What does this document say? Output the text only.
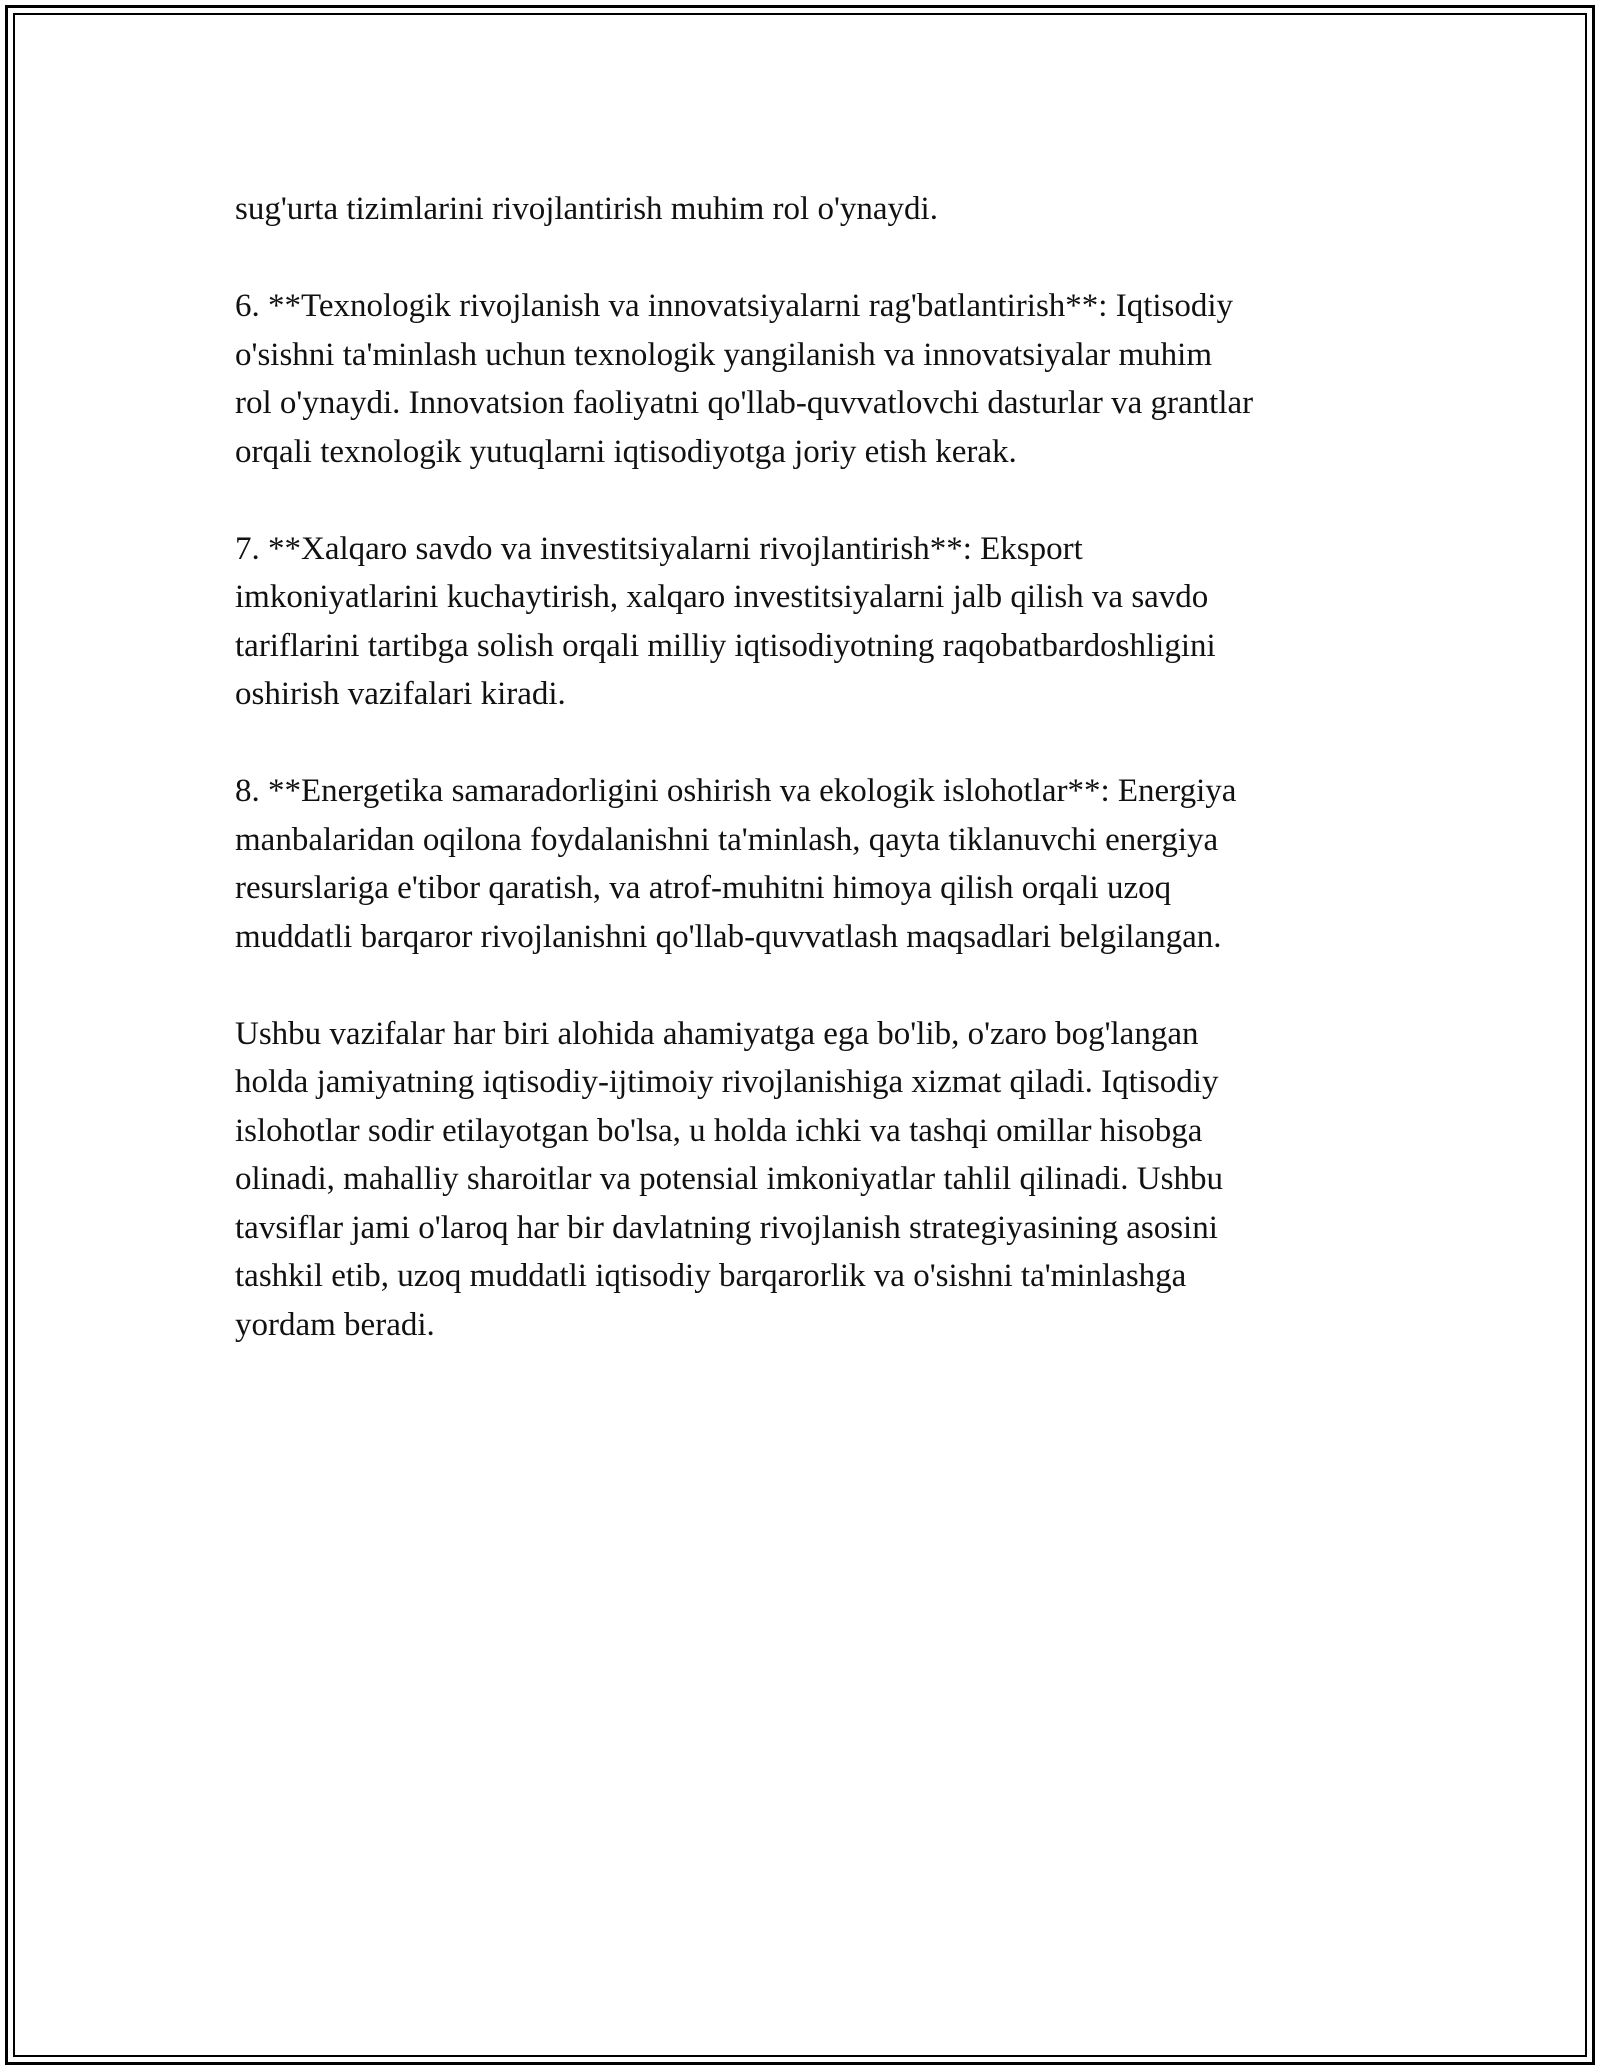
sug'urta tizimlarini rivojlantirish muhim rol o'ynaydi.

6. **Texnologik rivojlanish va innovatsiyalarni rag'batlantirish**: Iqtisodiy
o'sishni ta'minlash uchun texnologik yangilanish va innovatsiyalar muhim
rol o'ynaydi. Innovatsion faoliyatni qo'llab-quvvatlovchi dasturlar va grantlar
orqali texnologik yutuqlarni iqtisodiyotga joriy etish kerak.

7. **Xalqaro savdo va investitsiyalarni rivojlantirish**: Eksport
imkoniyatlarini kuchaytirish, xalqaro investitsiyalarni jalb qilish va savdo
tariflarini tartibga solish orqali milliy iqtisodiyotning raqobatbardoshligini
oshirish vazifalari kiradi.

8. **Energetika samaradorligini oshirish va ekologik islohotlar**: Energiya
manbalaridan oqilona foydalanishni ta'minlash, qayta tiklanuvchi energiya
resurslariga e'tibor qaratish, va atrof-muhitni himoya qilish orqali uzoq
muddatli barqaror rivojlanishni qo'llab-quvvatlash maqsadlari belgilangan.

Ushbu vazifalar har biri alohida ahamiyatga ega bo'lib, o'zaro bog'langan
holda jamiyatning iqtisodiy-ijtimoiy rivojlanishiga xizmat qiladi. Iqtisodiy
islohotlar sodir etilayotgan bo'lsa, u holda ichki va tashqi omillar hisobga
olinadi, mahalliy sharoitlar va potensial imkoniyatlar tahlil qilinadi. Ushbu
tavsiflar jami o'laroq har bir davlatning rivojlanish strategiyasining asosini
tashkil etib, uzoq muddatli iqtisodiy barqarorlik va o'sishni ta'minlashga
yordam beradi.
